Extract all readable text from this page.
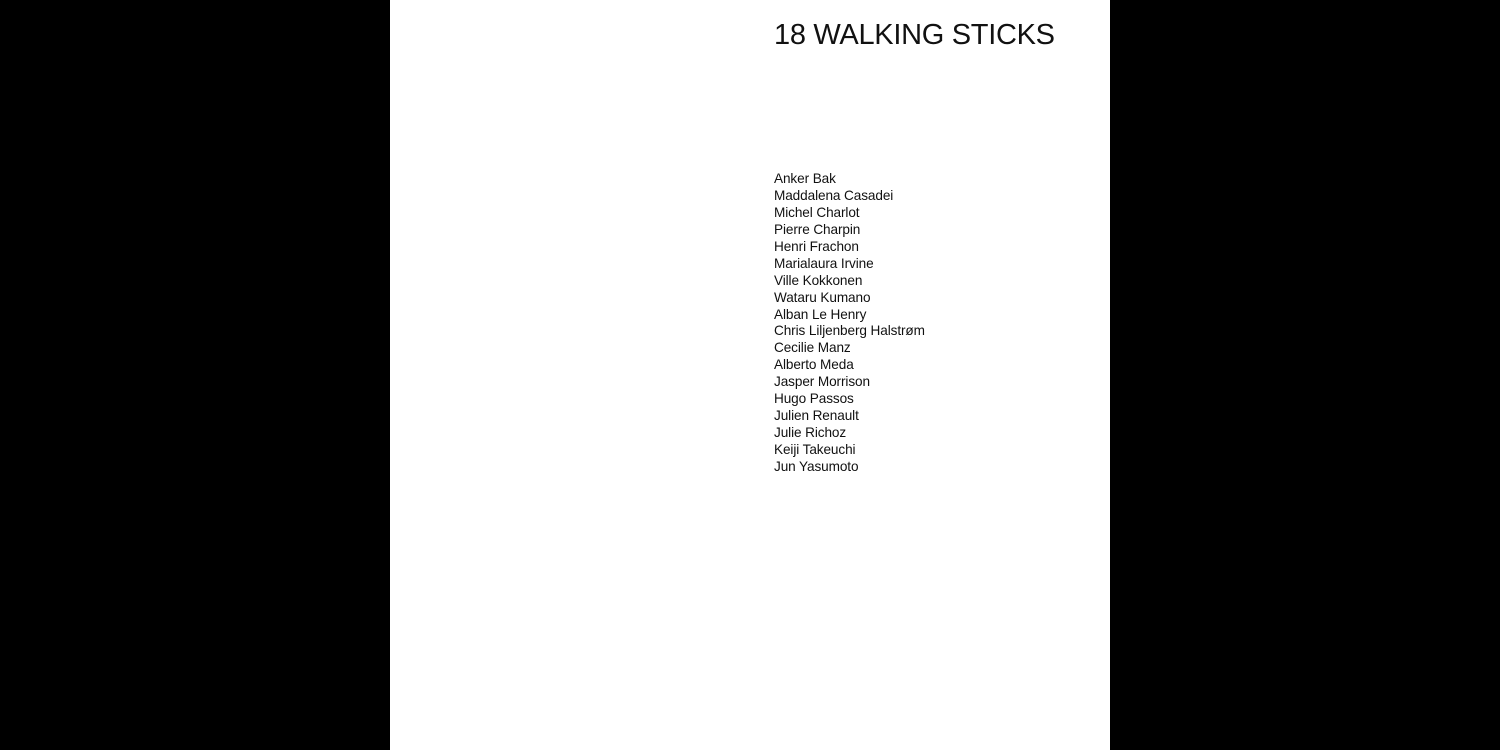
18 WALKING STICKS
Anker Bak
Maddalena Casadei
Michel Charlot
Pierre Charpin
Henri Frachon
Marialaura Irvine
Ville Kokkonen
Wataru Kumano
Alban Le Henry
Chris Liljenberg Halstrøm
Cecilie Manz
Alberto Meda
Jasper Morrison
Hugo Passos
Julien Renault
Julie Richoz
Keiji Takeuchi
Jun Yasumoto
